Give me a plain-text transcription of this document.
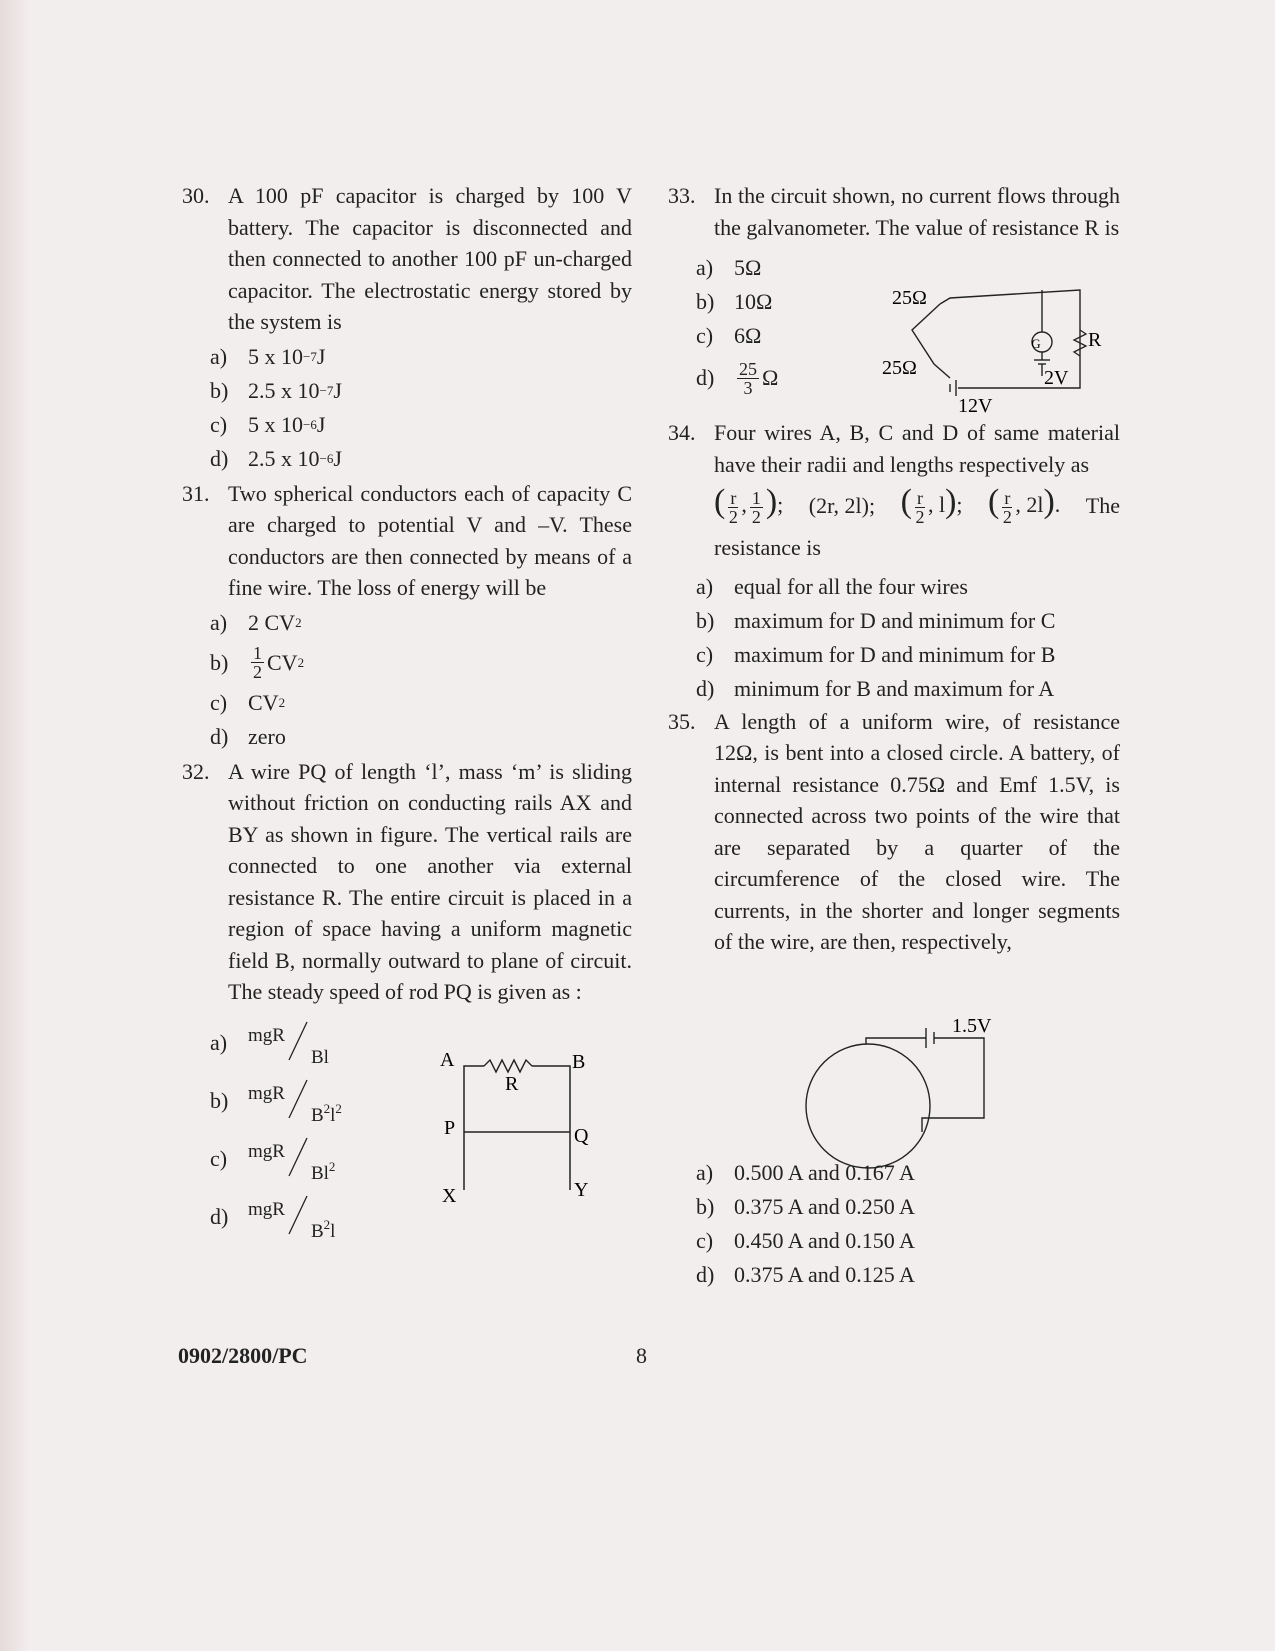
30. A 100 pF capacitor is charged by 100 V battery. The capacitor is disconnected and then connected to another 100 pF un-charged capacitor. The electrostatic energy stored by the system is
a) 5 x 10 −7 J
b) 2.5 x 10 −7 J
c) 5 x 10 −6 J
d) 2.5 x 10 −6 J
31. Two spherical conductors each of capacity C are charged to potential V and –V. These conductors are then connected by means of a fine wire. The loss of energy will be
a) 2 CV 2
b)	$\frac{1}{2}$ CV 2
c) CV 2
d) zero
32. A wire PQ of length ‘l’, mass ‘m’ is sliding without friction on conducting rails AX and BY as shown in figure. The vertical rails are connected to one another via external resistance R. The entire circuit is placed in a region of space having a uniform magnetic field B, normally outward to plane of circuit. The steady speed of rod PQ is given as :
a)	mgR
Bl
b)	mgR
$B^2l^2$
c)	mgR
Bl$^2$
d)	mgR
$B^2l$
A	B
R
P	Q
X	Y
33. In the circuit shown, no current flows through the galvanometer. The value of resistance R is
a) 5Ω
b) 10Ω
c) 6Ω
d)	$\frac{25}{3}$ Ω
34. Four wires A, B, C and D of same material have their radii and lengths respectively as
( $\frac{r}{2}$ , $\frac{1}{2}$ ); (2r, 2l); ( $\frac{r}{2}$ , l); ( $\frac{r}{2}$ , 2l). The
resistance is
a) equal for all the four wires
b) maximum for D and minimum for C
c) maximum for D and minimum for B
d) minimum for B and maximum for A
35. A length of a uniform wire, of resistance 12Ω, is bent into a closed circle. A battery, of internal resistance 0.75Ω and Emf 1.5V, is connected across two points of the wire that are separated by a quarter of the circumference of the closed wire. The currents, in the shorter and longer segments of the wire, are then, respectively,
a) 0.500 A and 0.167 A
b) 0.375 A and 0.250 A
c) 0.450 A and 0.150 A
d) 0.375 A and 0.125 A
25Ω
25Ω
G R
2V
12V
1.5V
0902/2800/PC	8
